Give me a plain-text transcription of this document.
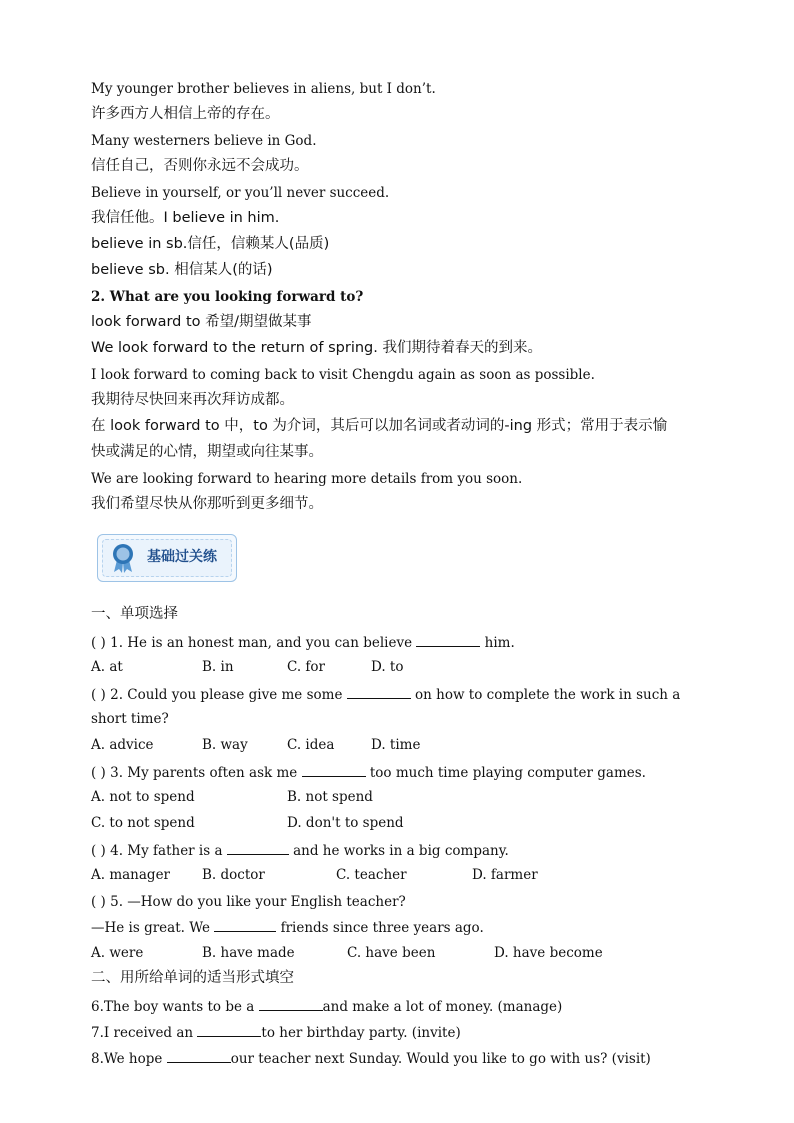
My younger brother believes in aliens, but I don’t.
许多西方人相信上帝的存在。
Many westerners believe in God.
信任自己，否则你永远不会成功。
Believe in yourself, or you’ll never succeed.
我信任他。I believe in him.
believe in sb.信任，信赖某人(品质)
believe sb. 相信某人(的话)
2. What are you looking forward to?
look forward to 希望/期望做某事
We look forward to the return of spring. 我们期待着春天的到来。
I look forward to coming back to visit Chengdu again as soon as possible.
我期待尽快回来再次拜访成都。
在 look forward to 中，to 为介词，其后可以加名词或者动词的-ing 形式；常用于表示愉
快或满足的心情，期望或向往某事。
We are looking forward to hearing more details from you soon.
我们希望尽快从你那听到更多细节。
基础过关练
一、单项选择
( ) 1. He is an honest man, and you can believe	him.
A. at	B. in	C. for	D. to
( ) 2. Could you please give me some	on how to complete the work in such a
short time?
A. advice	B. way	C. idea	D. time
( ) 3. My parents often ask me	too much time playing computer games.
A. not to spend	B. not spend
C. to not spend	D. don't to spend
( ) 4. My father is a	and he works in a big company.
A. manager B. doctor	C. teacher	D. farmer
( ) 5. —How do you like your English teacher?
—He is great. We	friends since three years ago.
A. were	B. have made	C. have been	D. have become
二、用所给单词的适当形式填空
6.The boy wants to be a	and make a lot of money. (manage)
7.I received an	to her birthday party. (invite)
8.We hope	our teacher next Sunday. Would you like to go with us? (visit)
